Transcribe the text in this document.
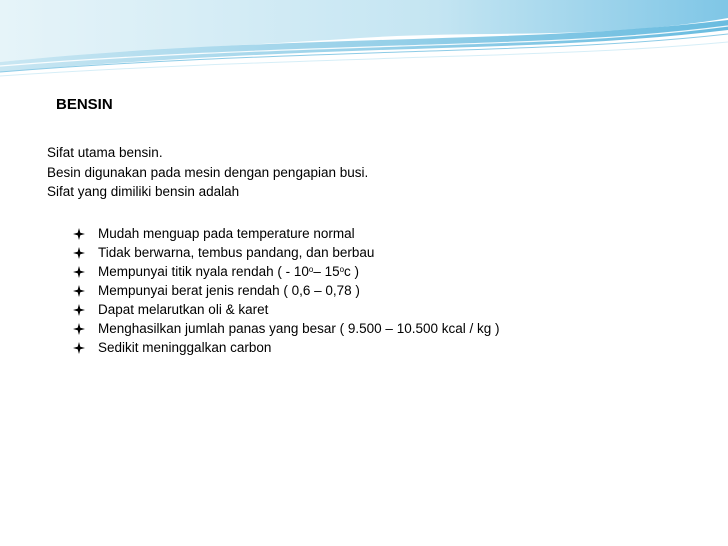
BENSIN
Sifat utama bensin.
Besin digunakan pada mesin dengan pengapian busi.
Sifat yang dimiliki bensin adalah
Mudah menguap pada temperature normal
Tidak berwarna, tembus pandang, dan berbau
Mempunyai titik nyala rendah ( - 10$^o$– 15$^o$c )
Mempunyai berat jenis rendah ( 0,6 – 0,78 )
Dapat melarutkan oli & karet
Menghasilkan jumlah panas yang besar ( 9.500 – 10.500 kcal / kg )
Sedikit meninggalkan carbon
